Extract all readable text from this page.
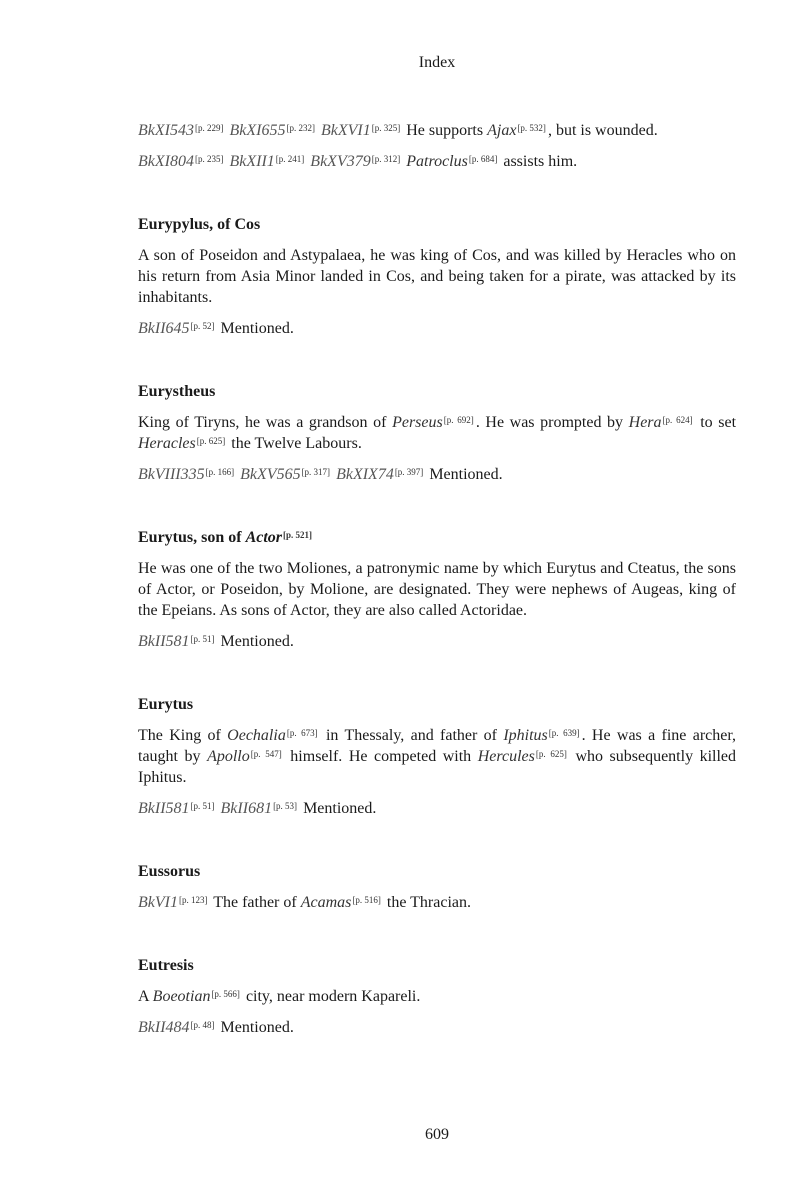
Index

BkXI543[p. 229] BkXI655[p. 232] BkXVI1[p. 325] He supports Ajax[p. 532] , but is wounded.

BkXI804[p. 235] BkXII1[p. 241] BkXV379[p. 312] Patroclus[p. 684] assists him.

Eurypylus, of Cos

A son of Poseidon and Astypalaea, he was king of Cos, and was killed by Heracles who on his return from Asia Minor landed in Cos, and being taken for a pirate, was attacked by its inhabitants.

BkII645[p. 52] Mentioned.

Eurystheus

King of Tiryns, he was a grandson of Perseus[p. 692] . He was prompted by Hera[p. 624] to set Heracles[p. 625] the Twelve Labours.

BkVIII335[p. 166] BkXV565[p. 317] BkXIX74[p. 397] Mentioned.

Eurytus, son of Actor[p. 521]

He was one of the two Moliones, a patronymic name by which Eurytus and Cteatus, the sons of Actor, or Poseidon, by Molione, are designated. They were nephews of Augeas, king of the Epeians. As sons of Actor, they are also called Actoridae.

BkII581[p. 51] Mentioned.

Eurytus

The King of Oechalia[p. 673] in Thessaly, and father of Iphitus[p. 639] . He was a fine archer, taught by Apollo[p. 547] himself. He competed with Hercules[p. 625] who subsequently killed Iphitus.

BkII581[p. 51] BkII681[p. 53] Mentioned.

Eussorus

BkVI1[p. 123] The father of Acamas[p. 516] the Thracian.

Eutresis

A Boeotian[p. 566] city, near modern Kapareli.

BkII484[p. 48] Mentioned.

609
